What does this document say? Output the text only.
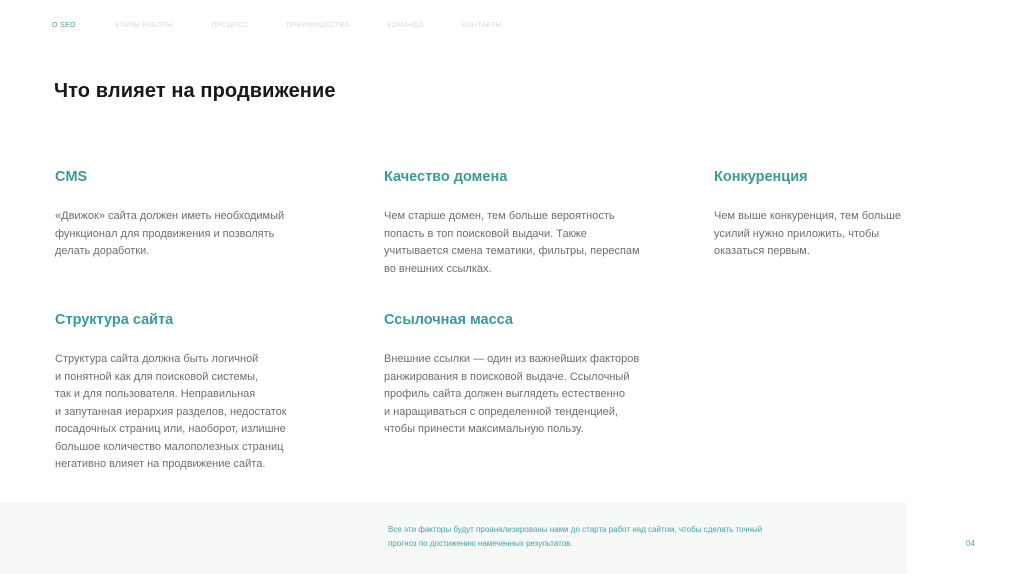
О SEO	ЭТАПЫ РАБОТЫ	ПРОЦЕСС	ПРЕИМУЩЕСТВА	КОМАНДА	КОНТАКТЫ
Что влияет на продвижение
CMS
«Движок» сайта должен иметь необходимый
функционал для продвижения и позволять
делать доработки.
Качество домена
Чем старше домен, тем больше вероятность
попасть в топ поисковой выдачи. Также
учитывается смена тематики, фильтры, переспам
во внешних ссылках.
Конкуренция
Чем выше конкуренция, тем больше
усилий нужно приложить, чтобы
оказаться первым.
Структура сайта
Структура сайта должна быть логичной
и понятной как для поисковой системы,
так и для пользователя. Неправильная
и запутанная иерархия разделов, недостаток
посадочных страниц или, наоборот, излишне
большое количество малополезных страниц
негативно влияет на продвижение сайта.
Ссылочная масса
Внешние ссылки — один из важнейших факторов
ранжирования в поисковой выдаче. Ссылочный
профиль сайта должен выглядеть естественно
и наращиваться с определенной тенденцией,
чтобы принести максимальную пользу.
Все эти факторы будут проанализированы нами до старта работ над сайтом, чтобы сделать точный
прогноз по достижению намеченных результатов.	04
